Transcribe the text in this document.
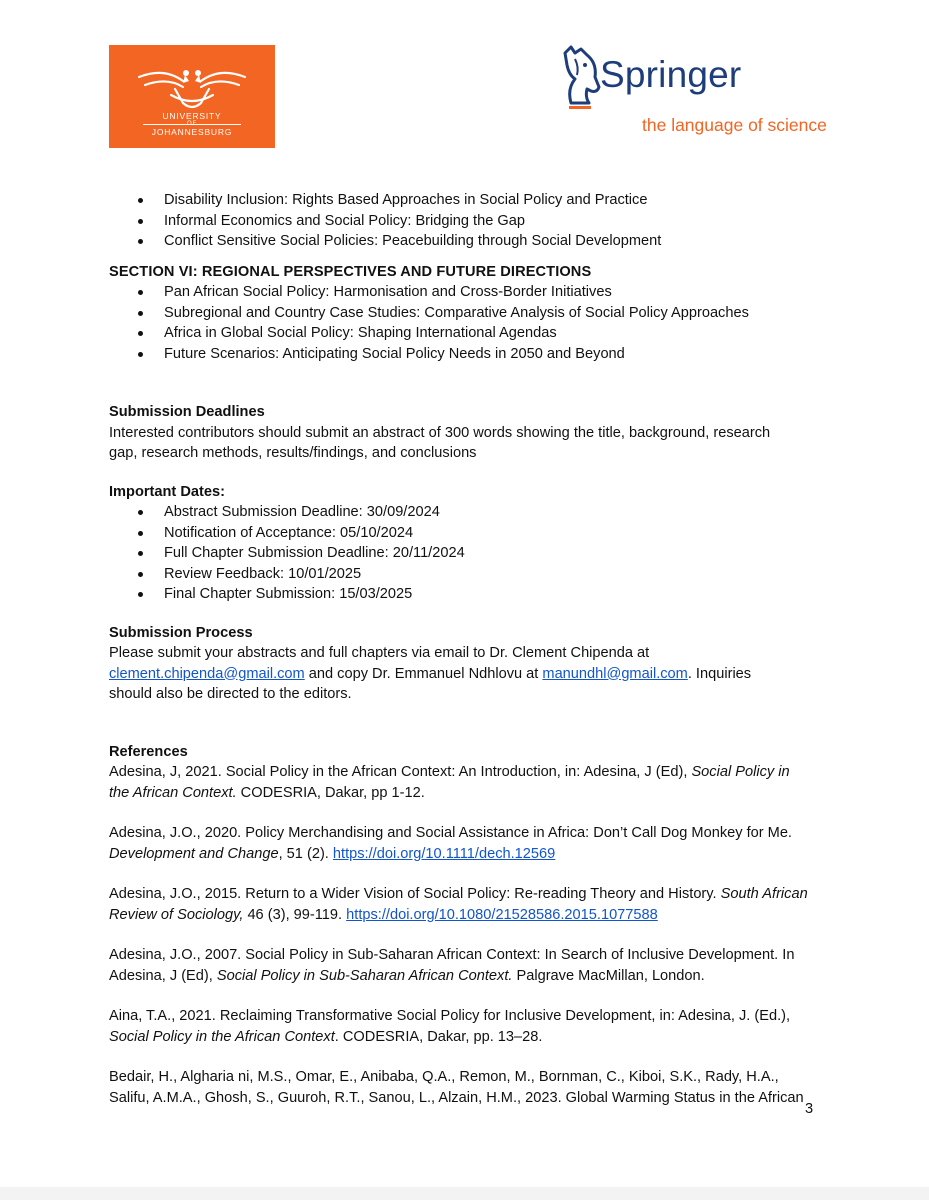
UNIVERSITY
JOHANNESBURG
Springer
the language of science
Disability Inclusion: Rights Based Approaches in Social Policy and Practice
Informal Economics and Social Policy: Bridging the Gap
Conflict Sensitive Social Policies: Peacebuilding through Social Development
SECTION VI: REGIONAL PERSPECTIVES AND FUTURE DIRECTIONS
Pan African Social Policy: Harmonisation and Cross-Border Initiatives
Subregional and Country Case Studies: Comparative Analysis of Social Policy Approaches
Africa in Global Social Policy: Shaping International Agendas
Future Scenarios: Anticipating Social Policy Needs in 2050 and Beyond
Submission Deadlines

Interested contributors should submit an abstract of 300 words showing the title, background, research

gap, research methods, results/findings, and conclusions

Important Dates:
Abstract Submission Deadline: 30/09/2024
Notification of Acceptance: 05/10/2024
Full Chapter Submission Deadline: 20/11/2024
Review Feedback: 10/01/2025
Final Chapter Submission: 15/03/2025
Submission Process

Please submit your abstracts and full chapters via email to Dr. Clement Chipenda at

clement.chipenda@gmail.com and copy Dr. Emmanuel Ndhlovu at manundhl@gmail.com. Inquiries

should also be directed to the editors.

References

Adesina, J, 2021. Social Policy in the African Context: An Introduction, in: Adesina, J (Ed), Social Policy in

the African Context. CODESRIA, Dakar, pp 1-12.

Adesina, J.O., 2020. Policy Merchandising and Social Assistance in Africa: Don’t Call Dog Monkey for Me.

Development and Change, 51 (2). https://doi.org/10.1111/dech.12569

Adesina, J.O., 2015. Return to a Wider Vision of Social Policy: Re-reading Theory and History. South African

Review of Sociology, 46 (3), 99-119. https://doi.org/10.1080/21528586.2015.1077588

Adesina, J.O., 2007. Social Policy in Sub-Saharan African Context: In Search of Inclusive Development. In

Adesina, J (Ed), Social Policy in Sub-Saharan African Context. Palgrave MacMillan, London.

Aina, T.A., 2021. Reclaiming Transformative Social Policy for Inclusive Development, in: Adesina, J. (Ed.),

Social Policy in the African Context. CODESRIA, Dakar, pp. 13–28.

Bedair, H., Algharia ni, M.S., Omar, E., Anibaba, Q.A., Remon, M., Bornman, C., Kiboi, S.K., Rady, H.A.,

Salifu, A.M.A., Ghosh, S., Guuroh, R.T., Sanou, L., Alzain, H.M., 2023. Global Warming Status in the African

3
